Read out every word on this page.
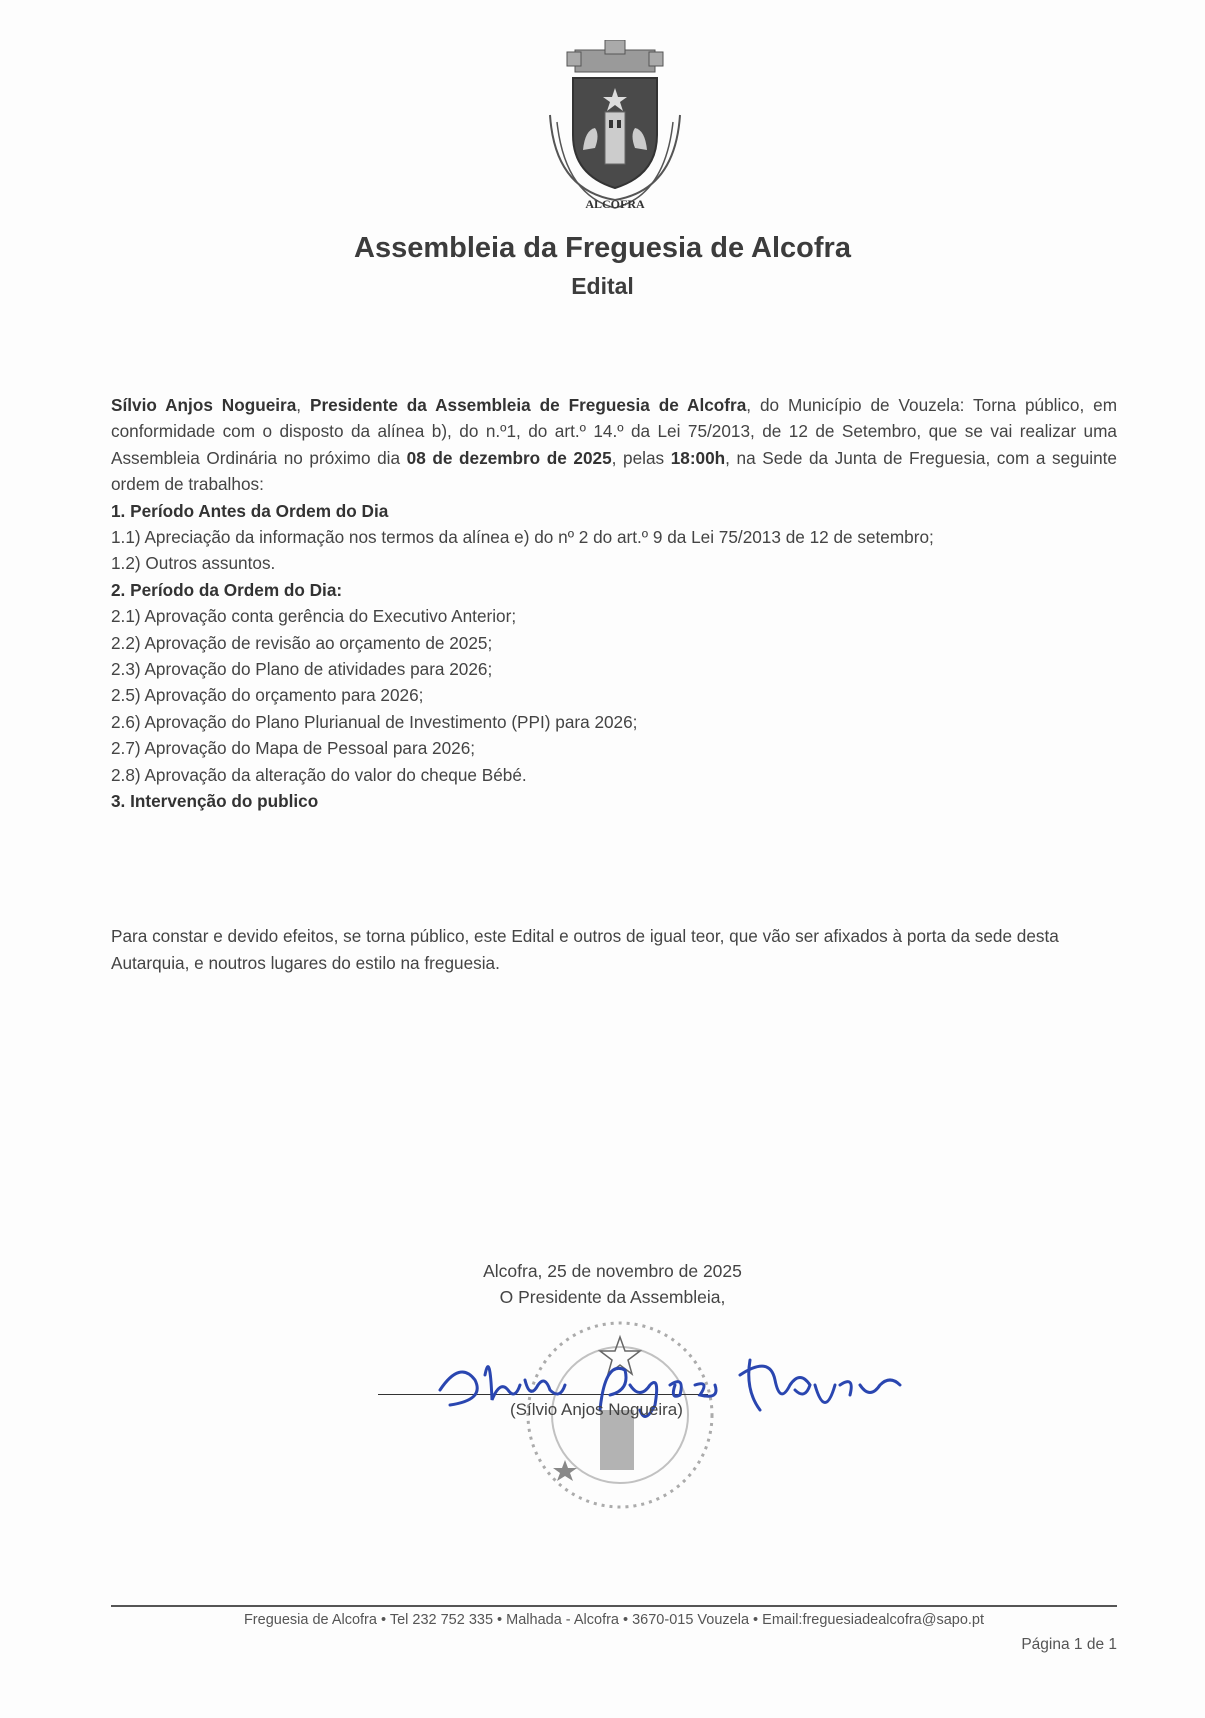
ALCOFRA
Assembleia da Freguesia de Alcofra
Edital

Sílvio Anjos Nogueira, Presidente da Assembleia de Freguesia de Alcofra, do Município de Vouzela: Torna público, em conformidade com o disposto da alínea b), do n.º1, do art.º 14.º da Lei 75/2013, de 12 de Setembro, que se vai realizar uma Assembleia Ordinária no próximo dia 08 de dezembro de 2025, pelas 18:00h, na Sede da Junta de Freguesia, com a seguinte ordem de trabalhos:

1. Período Antes da Ordem do Dia

1.1) Apreciação da informação nos termos da alínea e) do nº 2 do art.º 9 da Lei 75/2013 de 12 de setembro;

1.2) Outros assuntos.

2. Período da Ordem do Dia:

2.1) Aprovação conta gerência do Executivo Anterior;

2.2) Aprovação de revisão ao orçamento de 2025;

2.3) Aprovação do Plano de atividades para 2026;

2.5) Aprovação do orçamento para 2026;

2.6) Aprovação do Plano Plurianual de Investimento (PPI) para 2026;

2.7) Aprovação do Mapa de Pessoal para 2026;

2.8) Aprovação da alteração do valor do cheque Bébé.

3. Intervenção do publico

Para constar e devido efeitos, se torna público, este Edital e outros de igual teor, que vão ser afixados à porta da sede desta Autarquia, e noutros lugares do estilo na freguesia.

Alcofra, 25 de novembro de 2025
O Presidente da Assembleia,
(Sílvio Anjos Nogueira)
Freguesia de Alcofra • Tel 232 752 335 • Malhada - Alcofra • 3670-015 Vouzela • Email:freguesiadealcofra@sapo.pt
Página 1 de 1
